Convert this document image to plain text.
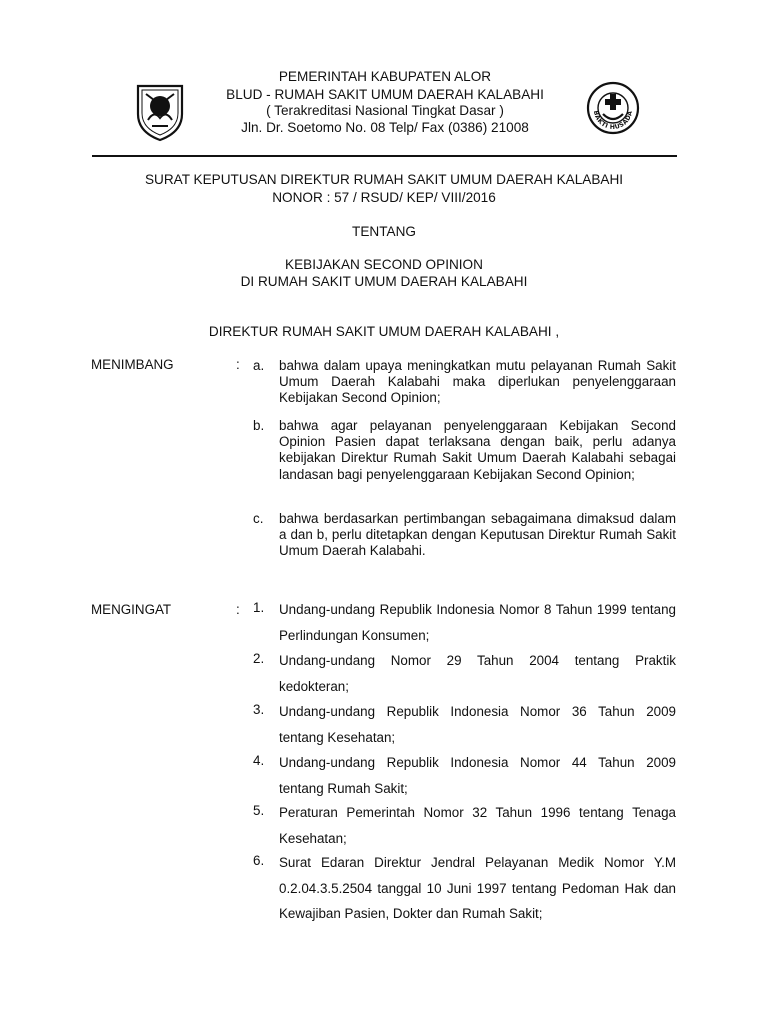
PEMERINTAH KABUPATEN ALOR
BLUD - RUMAH SAKIT UMUM DAERAH KALABAHI
( Terakreditasi Nasional Tingkat Dasar )
Jln. Dr. Soetomo No. 08 Telp/ Fax (0386) 21008
BAKTI HUSADA
SURAT KEPUTUSAN DIREKTUR RUMAH SAKIT UMUM DAERAH KALABAHI
NONOR : 57 / RSUD/ KEP/ VIII/2016
TENTANG
KEBIJAKAN SECOND OPINION
DI RUMAH SAKIT UMUM DAERAH KALABAHI
DIREKTUR RUMAH SAKIT UMUM DAERAH KALABAHI ,
MENIMBANG	: a.	bahwa dalam upaya meningkatkan mutu pelayanan Rumah Sakit Umum Daerah Kalabahi maka diperlukan penyelenggaraan Kebijakan Second Opinion;
b.	bahwa agar pelayanan penyelenggaraan Kebijakan Second Opinion Pasien dapat terlaksana dengan baik, perlu adanya kebijakan Direktur Rumah Sakit Umum Daerah Kalabahi sebagai landasan bagi penyelenggaraan Kebijakan Second Opinion;
c.	bahwa berdasarkan pertimbangan sebagaimana dimaksud dalam a dan b, perlu ditetapkan dengan Keputusan Direktur Rumah Sakit Umum Daerah Kalabahi.
MENGINGAT	: 1.	Undang-undang Republik Indonesia Nomor 8 Tahun 1999 tentang Perlindungan Konsumen;
2.	Undang-undang Nomor 29 Tahun 2004 tentang Praktik kedokteran;
3.	Undang-undang Republik Indonesia Nomor 36 Tahun 2009 tentang Kesehatan;
4.	Undang-undang Republik Indonesia Nomor 44 Tahun 2009 tentang Rumah Sakit;
5.	Peraturan Pemerintah Nomor 32 Tahun 1996 tentang Tenaga Kesehatan;
6.	Surat Edaran Direktur Jendral Pelayanan Medik Nomor Y.M 0.2.04.3.5.2504 tanggal 10 Juni 1997 tentang Pedoman Hak dan Kewajiban Pasien, Dokter dan Rumah Sakit;
